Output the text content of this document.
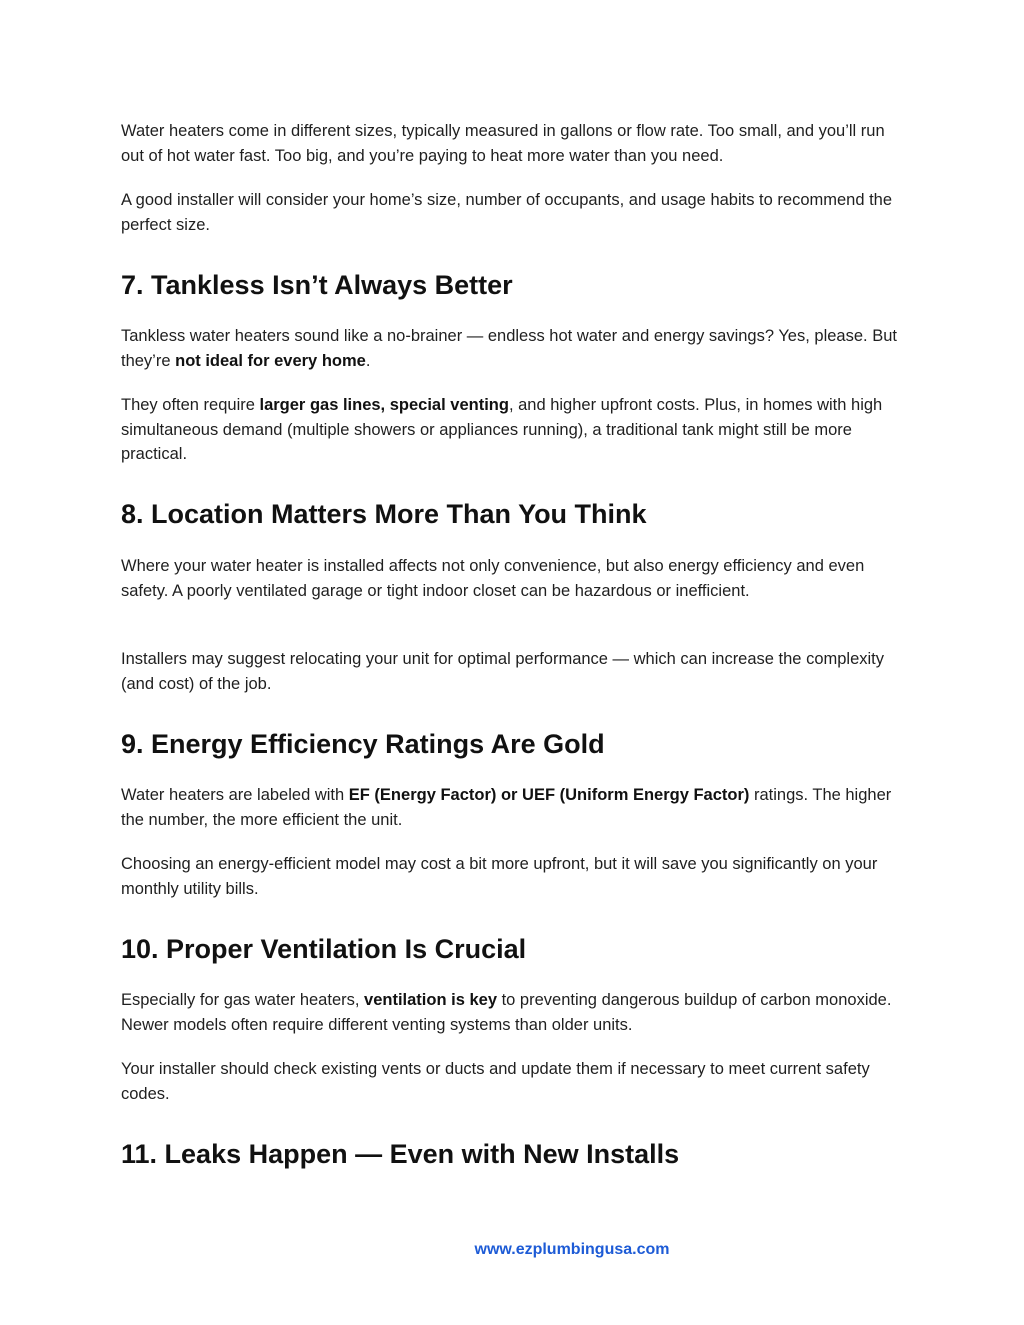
Water heaters come in different sizes, typically measured in gallons or flow rate. Too small, and you’ll run out of hot water fast. Too big, and you’re paying to heat more water than you need.

A good installer will consider your home’s size, number of occupants, and usage habits to recommend the perfect size.

7. Tankless Isn’t Always Better

Tankless water heaters sound like a no-brainer — endless hot water and energy savings? Yes, please. But they’re not ideal for every home.

They often require larger gas lines, special venting, and higher upfront costs. Plus, in homes with high simultaneous demand (multiple showers or appliances running), a traditional tank might still be more practical.

8. Location Matters More Than You Think

Where your water heater is installed affects not only convenience, but also energy efficiency and even safety. A poorly ventilated garage or tight indoor closet can be hazardous or inefficient.

Installers may suggest relocating your unit for optimal performance — which can increase the complexity (and cost) of the job.

9. Energy Efficiency Ratings Are Gold

Water heaters are labeled with EF (Energy Factor) or UEF (Uniform Energy Factor) ratings. The higher the number, the more efficient the unit.

Choosing an energy-efficient model may cost a bit more upfront, but it will save you significantly on your monthly utility bills.

10. Proper Ventilation Is Crucial

Especially for gas water heaters, ventilation is key to preventing dangerous buildup of carbon monoxide. Newer models often require different venting systems than older units.

Your installer should check existing vents or ducts and update them if necessary to meet current safety codes.

11. Leaks Happen — Even with New Installs
www.ezplumbingusa.com
